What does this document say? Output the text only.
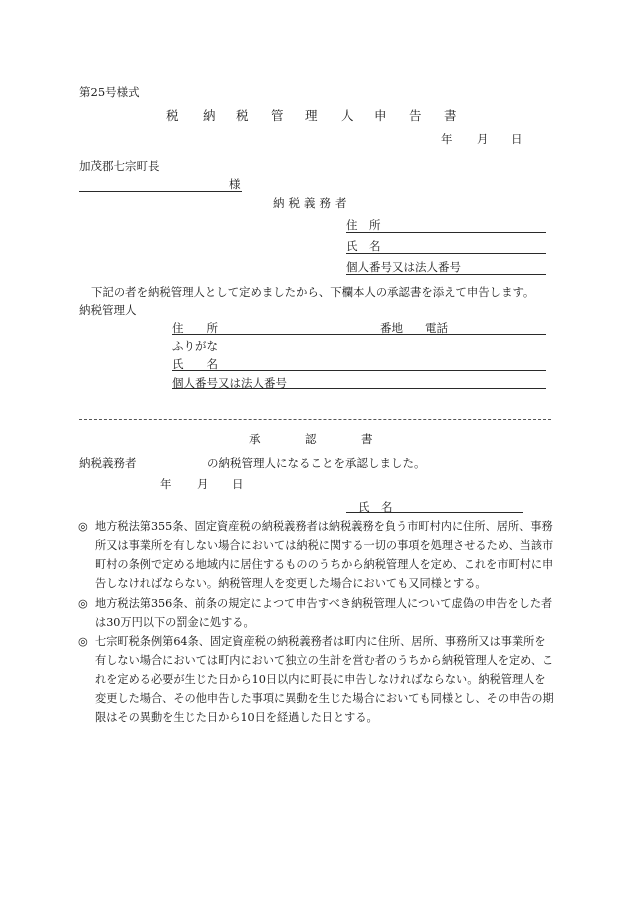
第25号様式
税 納 税 管 理 人 申 告 書
年 月 日
加茂郡七宗町長
様
納税義務者
住　所
氏　名
個人番号又は法人番号
下記の者を納税管理人として定めましたから、下欄本人の承認書を添えて申告します。
納税管理人
住　　所	番地 電話
ふりがな
氏　　名
個人番号又は法人番号
承	認	書
納税義務者	の納税管理人になることを承認しました。
年 月 日
氏　名
◎ 地方税法第355条、固定資産税の納税義務者は納税義務を負う市町村内に住所、居所、事務所又は事業所を有しない場合においては納税に関する一切の事項を処理させるため、当該市町村の条例で定める地域内に居住するもののうちから納税管理人を定め、これを市町村に申告しなければならない。納税管理人を変更した場合においても又同様とする。
◎ 地方税法第356条、前条の規定によつて申告すべき納税管理人について虚偽の申告をした者は30万円以下の罰金に処する。
◎ 七宗町税条例第64条、固定資産税の納税義務者は町内に住所、居所、事務所又は事業所を有しない場合においては町内において独立の生計を営む者のうちから納税管理人を定め、これを定める必要が生じた日から10日以内に町長に申告しなければならない。納税管理人を変更した場合、その他申告した事項に異動を生じた場合においても同様とし、その申告の期限はその異動を生じた日から10日を経過した日とする。
